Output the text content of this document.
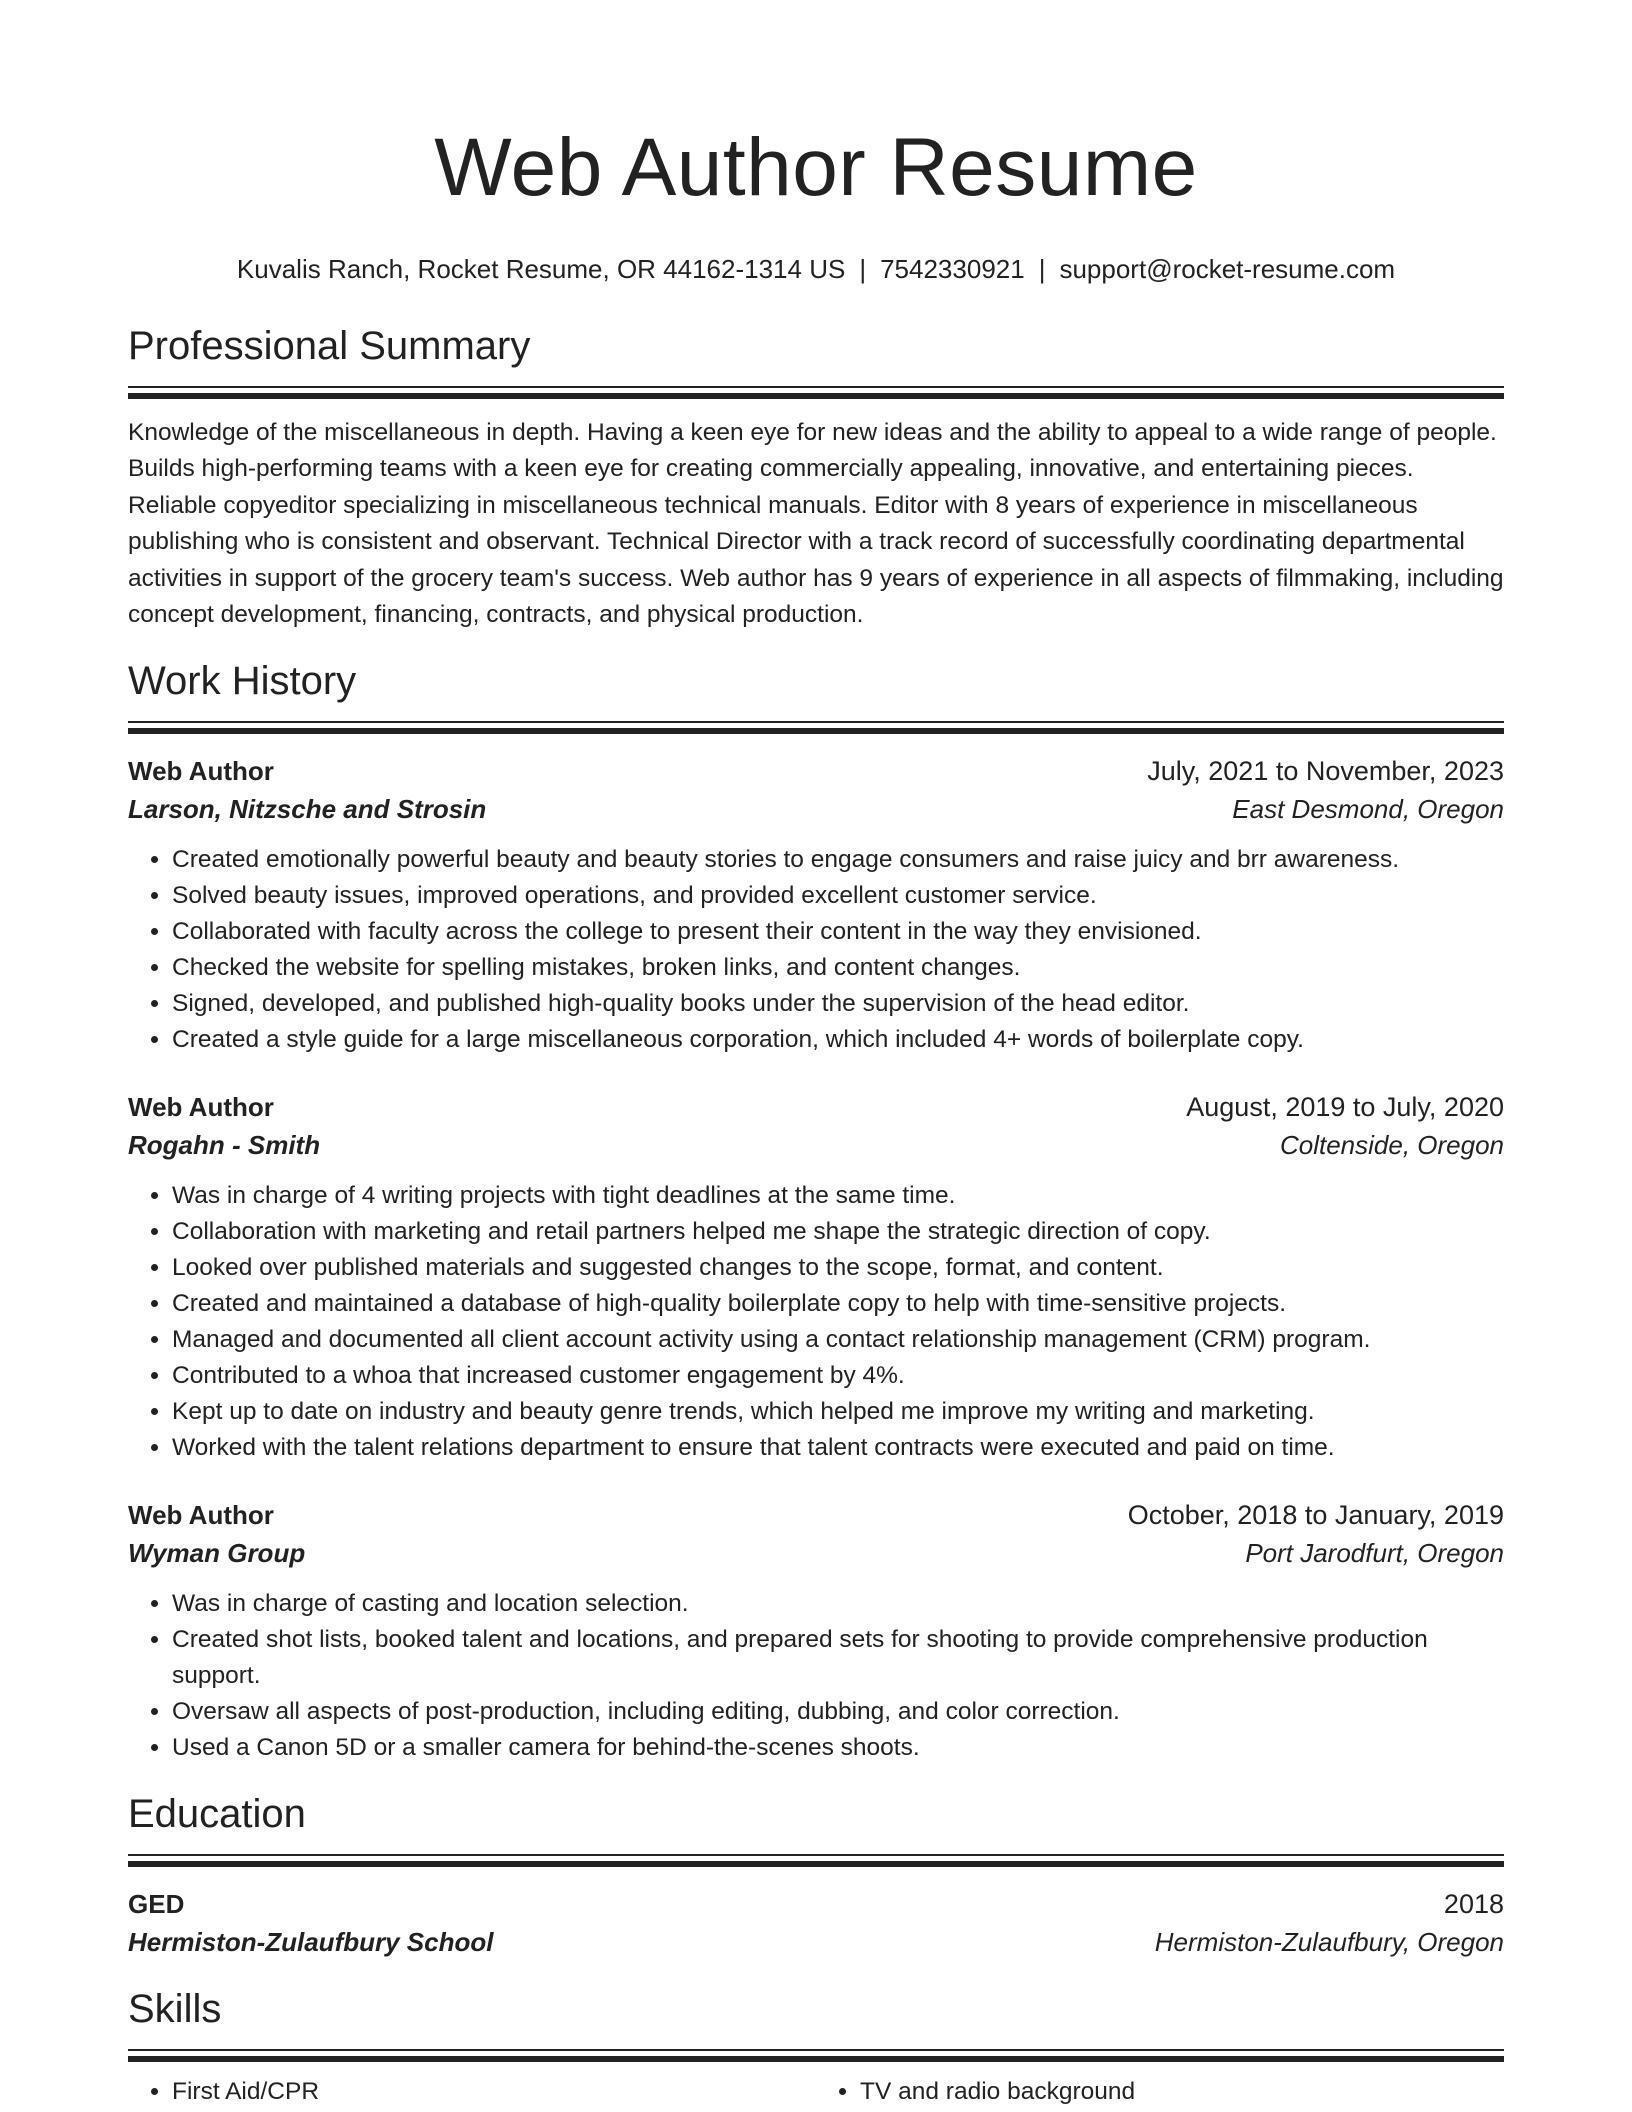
Web Author Resume
Kuvalis Ranch, Rocket Resume, OR 44162-1314 US | 7542330921 | support@rocket-resume.com
Professional Summary

Knowledge of the miscellaneous in depth. Having a keen eye for new ideas and the ability to appeal to a wide range of people. Builds high-performing teams with a keen eye for creating commercially appealing, innovative, and entertaining pieces. Reliable copyeditor specializing in miscellaneous technical manuals. Editor with 8 years of experience in miscellaneous publishing who is consistent and observant. Technical Director with a track record of successfully coordinating departmental activities in support of the grocery team's success. Web author has 9 years of experience in all aspects of filmmaking, including concept development, financing, contracts, and physical production.

Work History
Web Author	July, 2021 to November, 2023
Larson, Nitzsche and Strosin	East Desmond, Oregon
• Created emotionally powerful beauty and beauty stories to engage consumers and raise juicy and brr awareness.
• Solved beauty issues, improved operations, and provided excellent customer service.
• Collaborated with faculty across the college to present their content in the way they envisioned.
• Checked the website for spelling mistakes, broken links, and content changes.
• Signed, developed, and published high-quality books under the supervision of the head editor.
• Created a style guide for a large miscellaneous corporation, which included 4+ words of boilerplate copy.
Web Author	August, 2019 to July, 2020
Rogahn - Smith	Coltenside, Oregon
• Was in charge of 4 writing projects with tight deadlines at the same time.
• Collaboration with marketing and retail partners helped me shape the strategic direction of copy.
• Looked over published materials and suggested changes to the scope, format, and content.
• Created and maintained a database of high-quality boilerplate copy to help with time-sensitive projects.
• Managed and documented all client account activity using a contact relationship management (CRM) program.
• Contributed to a whoa that increased customer engagement by 4%.
• Kept up to date on industry and beauty genre trends, which helped me improve my writing and marketing.
• Worked with the talent relations department to ensure that talent contracts were executed and paid on time.
Web Author	October, 2018 to January, 2019
Wyman Group	Port Jarodfurt, Oregon
• Was in charge of casting and location selection.
• Created shot lists, booked talent and locations, and prepared sets for shooting to provide comprehensive production support.
• Oversaw all aspects of post-production, including editing, dubbing, and color correction.
• Used a Canon 5D or a smaller camera for behind-the-scenes shoots.
Education
GED	2018
Hermiston-Zulaufbury School	Hermiston-Zulaufbury, Oregon
Skills
• First Aid/CPR
•	TV and radio background
